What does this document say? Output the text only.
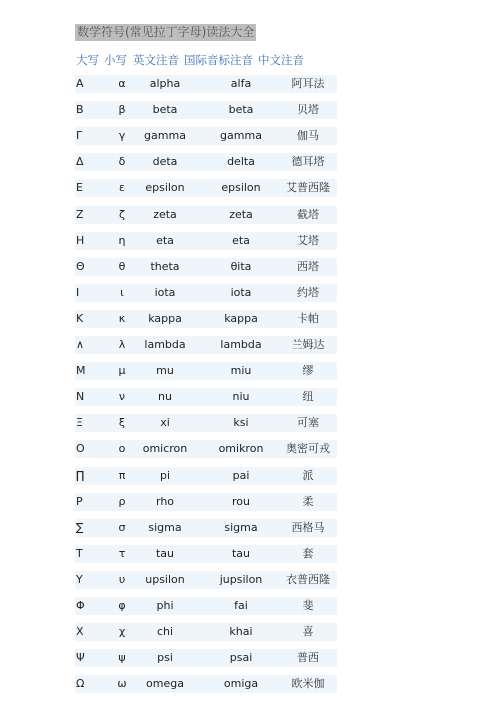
数学符号(常见拉丁字母)读法大全
大写 小写 英文注音 国际音标注音 中文注音
A	α	alpha	alfa	阿耳法
B	β	beta	beta	贝塔
Γ	γ	gamma	gamma	伽马
Δ	δ	deta	delta	德耳塔
E	ε	epsilon	epsilon	艾普西隆
Z	ζ	zeta	zeta	截塔
H	η	eta	eta	艾塔
Θ	θ	theta	θita	西塔
I	ι	iota	iota	约塔
K	κ	kappa	kappa	卡帕
∧	λ	lambda	lambda	兰姆达
M	μ	mu	miu	缪
N	ν	nu	niu	纽
Ξ	ξ	xi	ksi	可塞
O	ο	omicron	omikron	奥密可戎
∏	π	pi	pai	派
P	ρ	rho	rou	柔
∑	σ	sigma	sigma	西格马
T	τ	tau	tau	套
Y	υ	upsilon	jupsilon	衣普西隆
Φ	φ	phi	fai	斐
X	χ	chi	khai	喜
Ψ	ψ	psi	psai	普西
Ω	ω	omega	omiga	欧米伽
